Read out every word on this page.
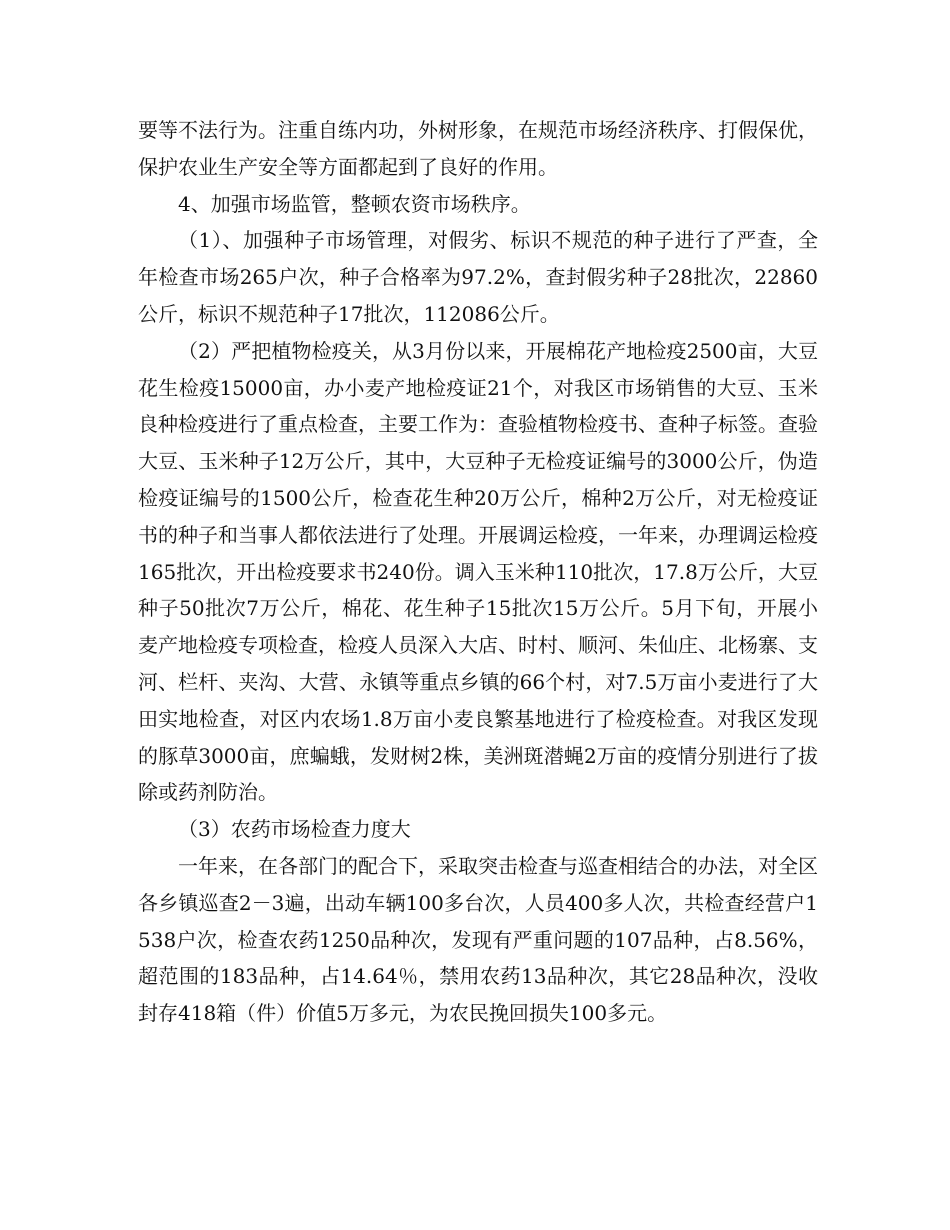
要等不法行为。注重自练内功，外树形象，在规范市场经济秩序、打假保优，保护农业生产安全等方面都起到了良好的作用。

4、加强市场监管，整顿农资市场秩序。

（1）、加强种子市场管理，对假劣、标识不规范的种子进行了严查，全年检查市场265户次，种子合格率为97.2%，查封假劣种子28批次，22860公斤，标识不规范种子17批次，112086公斤。

（2）严把植物检疫关，从3月份以来，开展棉花产地检疫2500亩，大豆花生检疫15000亩，办小麦产地检疫证21个，对我区市场销售的大豆、玉米良种检疫进行了重点检查，主要工作为：查验植物检疫书、查种子标签。查验大豆、玉米种子12万公斤，其中，大豆种子无检疫证编号的3000公斤，伪造检疫证编号的1500公斤，检查花生种20万公斤，棉种2万公斤，对无检疫证书的种子和当事人都依法进行了处理。开展调运检疫，一年来，办理调运检疫165批次，开出检疫要求书240份。调入玉米种110批次，17.8万公斤，大豆种子50批次7万公斤，棉花、花生种子15批次15万公斤。5月下旬，开展小麦产地检疫专项检查，检疫人员深入大店、时村、顺河、朱仙庄、北杨寨、支河、栏杆、夹沟、大营、永镇等重点乡镇的66个村，对7.5万亩小麦进行了大田实地检查，对区内农场1.8万亩小麦良繁基地进行了检疫检查。对我区发现的豚草3000亩，庶蝙蛾，发财树2株，美洲斑潜蝇2万亩的疫情分别进行了拔除或药剂防治。

（3）农药市场检查力度大

一年来，在各部门的配合下，采取突击检查与巡查相结合的办法，对全区各乡镇巡查2－3遍，出动车辆100多台次，人员400多人次，共检查经营户1538户次，检查农药1250品种次，发现有严重问题的107品种，占8.56%，超范围的183品种，占14.64％，禁用农药13品种次，其它28品种次，没收封存418箱（件）价值5万多元，为农民挽回损失100多元。
